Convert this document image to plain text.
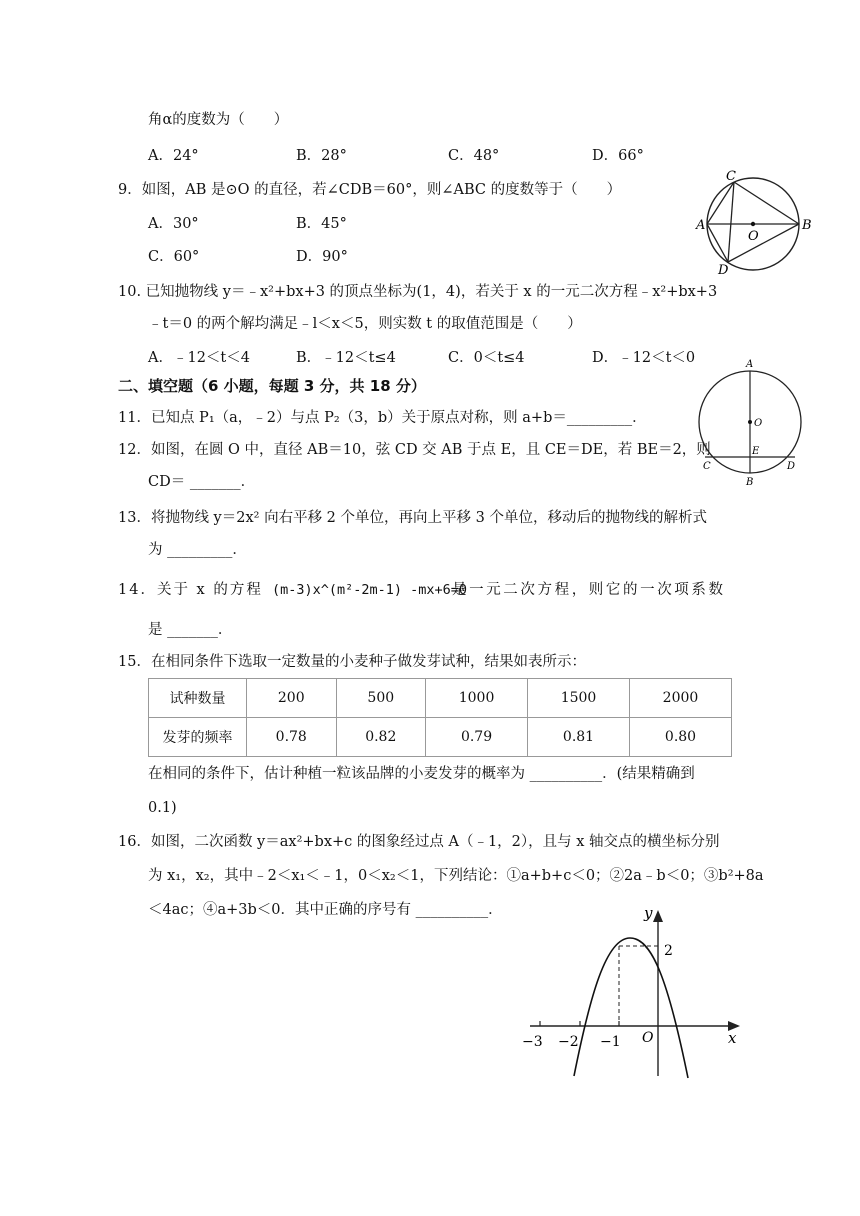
角α的度数为（　　）
A．24°	B．28°	C．48°	D．66°
9．如图，AB 是⊙O 的直径，若∠CDB＝60°，则∠ABC 的度数等于（　　）
A．30°	B．45°
C．60°	D．90°
C
A
O
B
D
10. 已知抛物线 y＝﹣x²+bx+3 的顶点坐标为(1，4)，若关于 x 的一元二次方程﹣x²+bx+3
﹣t＝0 的两个解均满足﹣l＜x＜5，则实数 t 的取值范围是（　　）
A．﹣12＜t＜4	B．﹣12＜t≤4	C．0＜t≤4	D．﹣12＜t＜0
二、填空题（6 小题，每题 3 分，共 18 分）
11．已知点 P₁（a，﹣2）与点 P₂（3，b）关于原点对称，则 a+b＝_________．
12．如图，在圆 O 中，直径 AB＝10，弦 CD 交 AB 于点 E，且 CE＝DE，若 BE＝2，则
CD＝ _______．
A
O
E
C	D
B
13．将抛物线 y＝2x² 向右平移 2 个单位，再向上平移 3 个单位，移动后的抛物线的解析式
为 _________．
14．关于 x 的方程 (m-3)x^(m²-2m-1) -mx+6=0
是一元二次方程，则它的一次项系数
是 _______．
15．在相同条件下选取一定数量的小麦种子做发芽试种，结果如表所示：
试种数量	200	500	1000	1500	2000
发芽的频率	0.78	0.82	0.79	0.81	0.80
在相同的条件下，估计种植一粒该品牌的小麦发芽的概率为 __________．(结果精确到
0.1)
16．如图，二次函数 y＝ax²+bx+c 的图象经过点 A（﹣1，2），且与 x 轴交点的横坐标分别
为 x₁，x₂，其中﹣2＜x₁＜﹣1，0＜x₂＜1，下列结论：①a+b+c＜0；②2a﹣b＜0；③b²+8a
＜4ac；④a+3b＜0．其中正确的序号有 __________．	y
x
2
O
−3 −2 −1
